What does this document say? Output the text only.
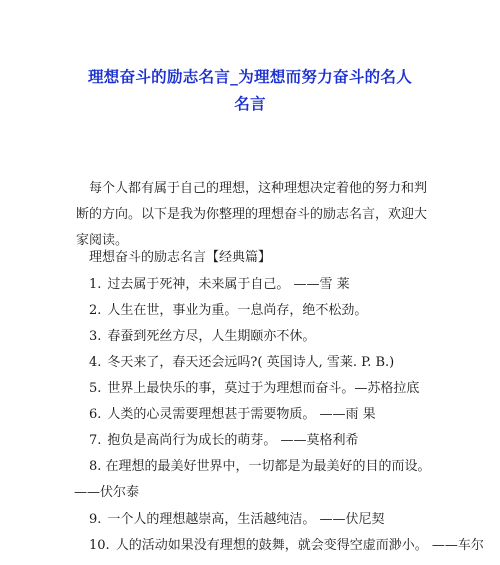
理想奋斗的励志名言_为理想而努力奋斗的名人
名言
每个人都有属于自己的理想，这种理想决定着他的努力和判断的方向。以下是我为你整理的理想奋斗的励志名言，欢迎大家阅读。
理想奋斗的励志名言【经典篇】
1. 过去属于死神，未来属于自己。 ——雪 莱
2. 人生在世，事业为重。一息尚存，绝不松劲。
3. 春蚕到死丝方尽，人生期颐亦不休。
4. 冬天来了，春天还会远吗?( 英国诗人, 雪莱. P. B.)
5. 世界上最快乐的事，莫过于为理想而奋斗。—苏格拉底
6. 人类的心灵需要理想甚于需要物质。 ——雨 果
7. 抱负是高尚行为成长的萌芽。 ——莫格利希
8. 在理想的最美好世界中，一切都是为最美好的目的而设。 ——伏尔泰
9. 一个人的理想越崇高，生活越纯洁。 ——伏尼契
10. 人的活动如果没有理想的鼓舞，就会变得空虚而渺小。 ——车尔
